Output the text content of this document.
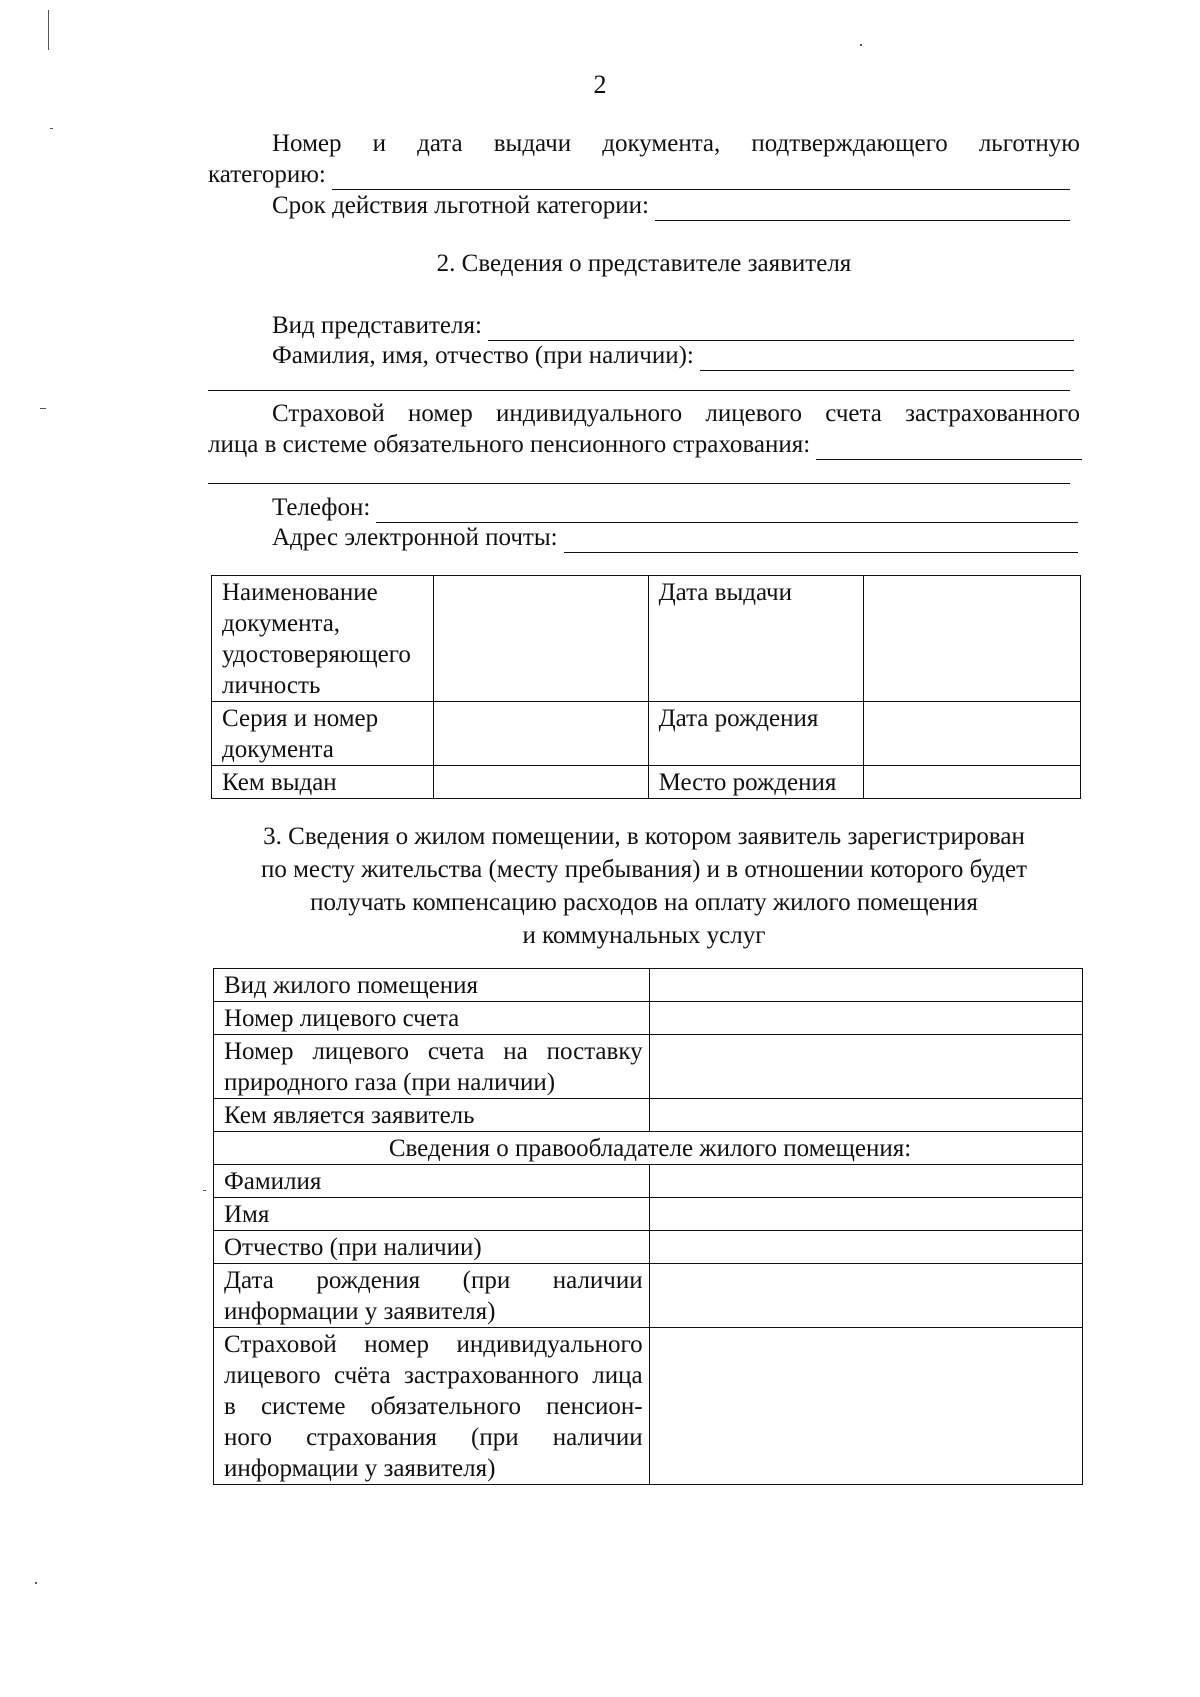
2
Номер и дата выдачи документа, подтверждающего льготную
категорию:
Срок действия льготной категории:
2. Сведения о представителе заявителя
Вид представителя:
Фамилия, имя, отчество (при наличии):
Страховой номер индивидуального лицевого счета застрахованного
лица в системе обязательного пенсионного страхования:
Телефон:
Адрес электронной почты:
Наименование документа, удостоверяющего личность		Дата выдачи	
Серия и номер документа		Дата рождения	
Кем выдан		Место рождения	
3. Сведения о жилом помещении, в котором заявитель зарегистрирован
по месту жительства (месту пребывания) и в отношении которого будет
получать компенсацию расходов на оплату жилого помещения
и коммунальных услуг
Вид жилого помещения	
Номер лицевого счета	
Номер лицевого счета на поставку природного газа (при наличии)	
Кем является заявитель	
Сведения о правообладателе жилого помещения:	
Фамилия	
Имя	
Отчество (при наличии)	
Дата рождения (при наличии информации у заявителя)	

Страховой номер индивидуального
лицевого счёта застрахованного лица
в системе обязательного пенсион-
ного страхования (при наличии
информации у заявителя)	
